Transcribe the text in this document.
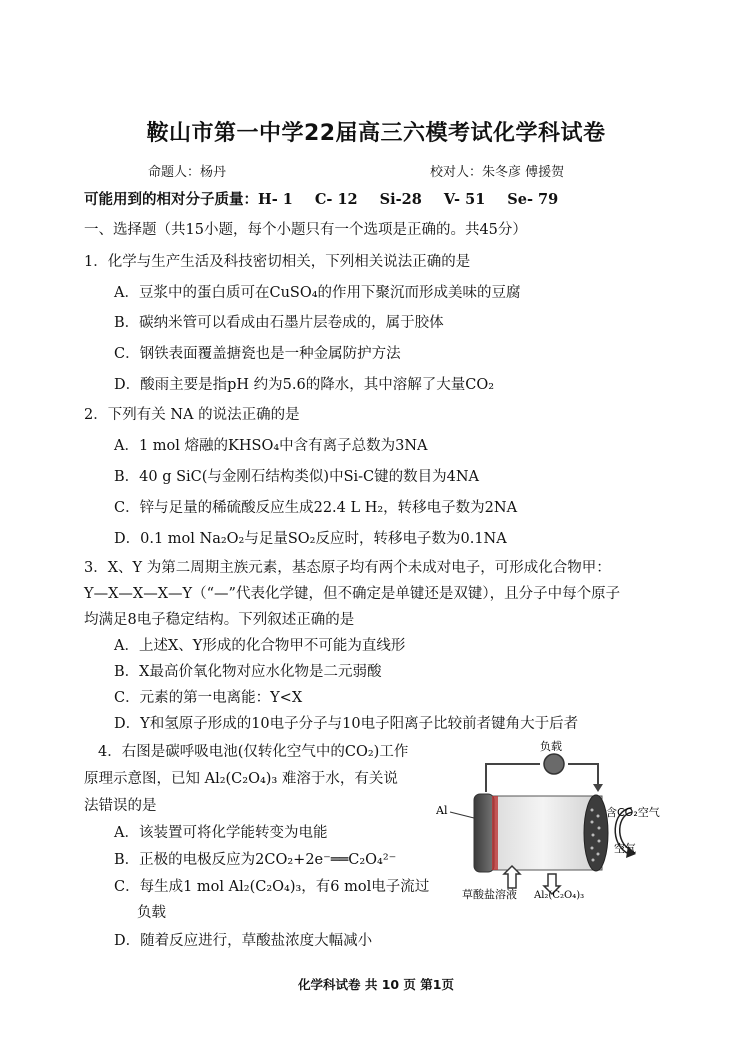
鞍山市第一中学22届高三六模考试化学科试卷
命题人：杨丹	校对人：朱冬彦 傅援贺
可能用到的相对分子质量：H- 1 C- 12 Si-28 V- 51 Se- 79
一、选择题（共15小题，每个小题只有一个选项是正确的。共45分）
1．化学与生产生活及科技密切相关，下列相关说法正确的是
A．豆浆中的蛋白质可在CuSO₄的作用下聚沉而形成美味的豆腐
B．碳纳米管可以看成由石墨片层卷成的，属于胶体
C．钢铁表面覆盖搪瓷也是一种金属防护方法
D．酸雨主要是指pH 约为5.6的降水，其中溶解了大量CO₂
2．下列有关 NA 的说法正确的是
A．1 mol 熔融的KHSO₄中含有离子总数为3NA
B．40 g SiC(与金刚石结构类似)中Si-C键的数目为4NA
C．锌与足量的稀硫酸反应生成22.4 L H₂，转移电子数为2NA
D．0.1 mol Na₂O₂与足量SO₂反应时，转移电子数为0.1NA
3．X、Y 为第二周期主族元素，基态原子均有两个未成对电子，可形成化合物甲：
Y—X—X—X—Y（“—”代表化学键，但不确定是单键还是双键），且分子中每个原子
均满足8电子稳定结构。下列叙述正确的是
A．上述X、Y形成的化合物甲不可能为直线形
B．X最高价氧化物对应水化物是二元弱酸
C．元素的第一电离能：Y<X
D．Y和氢原子形成的10电子分子与10电子阳离子比较前者键角大于后者
4．右图是碳呼吸电池(仅转化空气中的CO₂)工作
原理示意图，已知 Al₂(C₂O₄)₃ 难溶于水，有关说
法错误的是
A．该装置可将化学能转变为电能
B．正极的电极反应为2CO₂+2e⁻══C₂O₄²⁻
C．每生成1 mol Al₂(C₂O₄)₃，有6 mol电子流过
负载
D．随着反应进行，草酸盐浓度大幅减小
负载
Al	含CO₂空气
空气
草酸盐溶液 Al₂(C₂O₄)₃
化学科试卷 共 10 页 第1页
